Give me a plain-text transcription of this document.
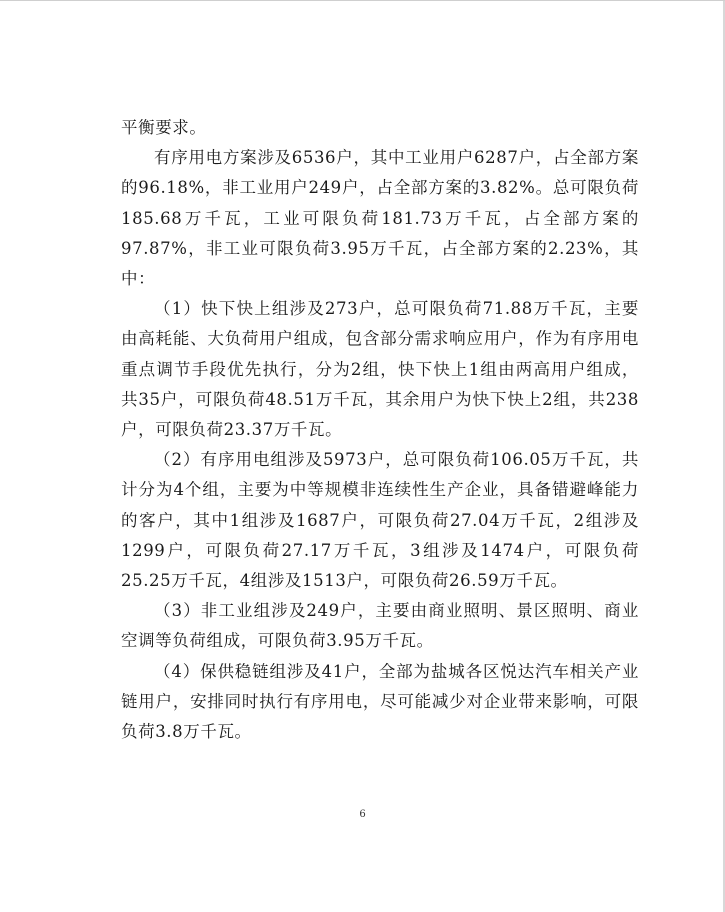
平衡要求。

有序用电方案涉及6536户，其中工业用户6287户，占全部方案的96.18%，非工业用户249户，占全部方案的3.82%。总可限负荷185.68万千瓦，工业可限负荷181.73万千瓦，占全部方案的97.87%，非工业可限负荷3.95万千瓦，占全部方案的2.23%，其中：

（1）快下快上组涉及273户，总可限负荷71.88万千瓦，主要由高耗能、大负荷用户组成，包含部分需求响应用户，作为有序用电重点调节手段优先执行，分为2组，快下快上1组由两高用户组成，共35户，可限负荷48.51万千瓦，其余用户为快下快上2组，共238户，可限负荷23.37万千瓦。

（2）有序用电组涉及5973户，总可限负荷106.05万千瓦，共计分为4个组，主要为中等规模非连续性生产企业，具备错避峰能力的客户，其中1组涉及1687户，可限负荷27.04万千瓦，2组涉及1299户，可限负荷27.17万千瓦，3组涉及1474户，可限负荷25.25万千瓦，4组涉及1513户，可限负荷26.59万千瓦。

（3）非工业组涉及249户，主要由商业照明、景区照明、商业空调等负荷组成，可限负荷3.95万千瓦。

（4）保供稳链组涉及41户，全部为盐城各区悦达汽车相关产业链用户，安排同时执行有序用电，尽可能减少对企业带来影响，可限负荷3.8万千瓦。

6
